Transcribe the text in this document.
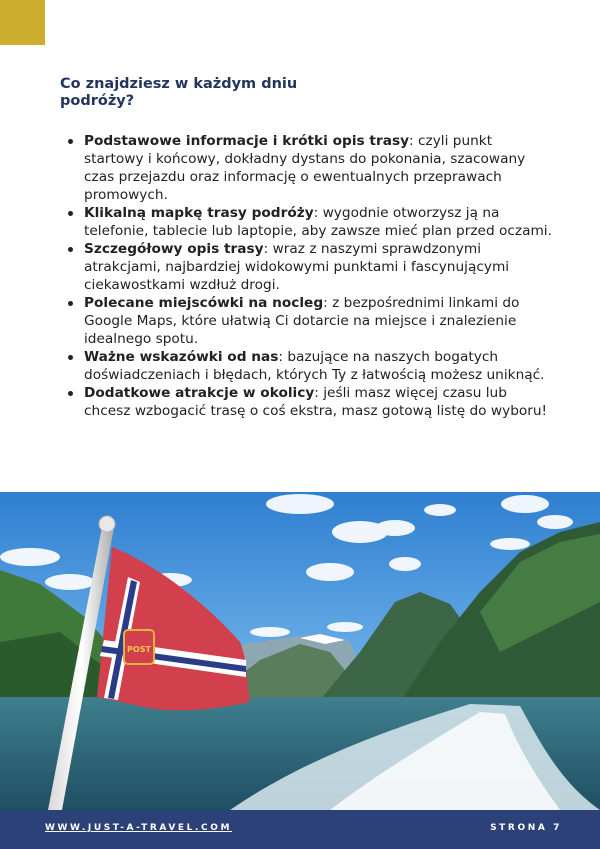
Co znajdziesz w każdym dniu podróży?
Podstawowe informacje i krótki opis trasy: czyli punkt startowy i końcowy, dokładny dystans do pokonania, szacowany czas przejazdu oraz informację o ewentualnych przeprawach promowych.
Klikalną mapkę trasy podróży: wygodnie otworzysz ją na telefonie, tablecie lub laptopie, aby zawsze mieć plan przed oczami.
Szczegółowy opis trasy: wraz z naszymi sprawdzonymi atrakcjami, najbardziej widokowymi punktami i fascynującymi ciekawostkami wzdłuż drogi.
Polecane miejscówki na nocleg: z bezpośrednimi linkami do Google Maps, które ułatwią Ci dotarcie na miejsce i znalezienie idealnego spotu.
Ważne wskazówki od nas: bazujące na naszych bogatych doświadczeniach i błędach, których Ty z łatwością możesz uniknąć.
Dodatkowe atrakcje w okolicy: jeśli masz więcej czasu lub chcesz wzbogacić trasę o coś ekstra, masz gotową listę do wyboru!
POST
WWW.JUST-A-TRAVEL.COM	STRONA 7
